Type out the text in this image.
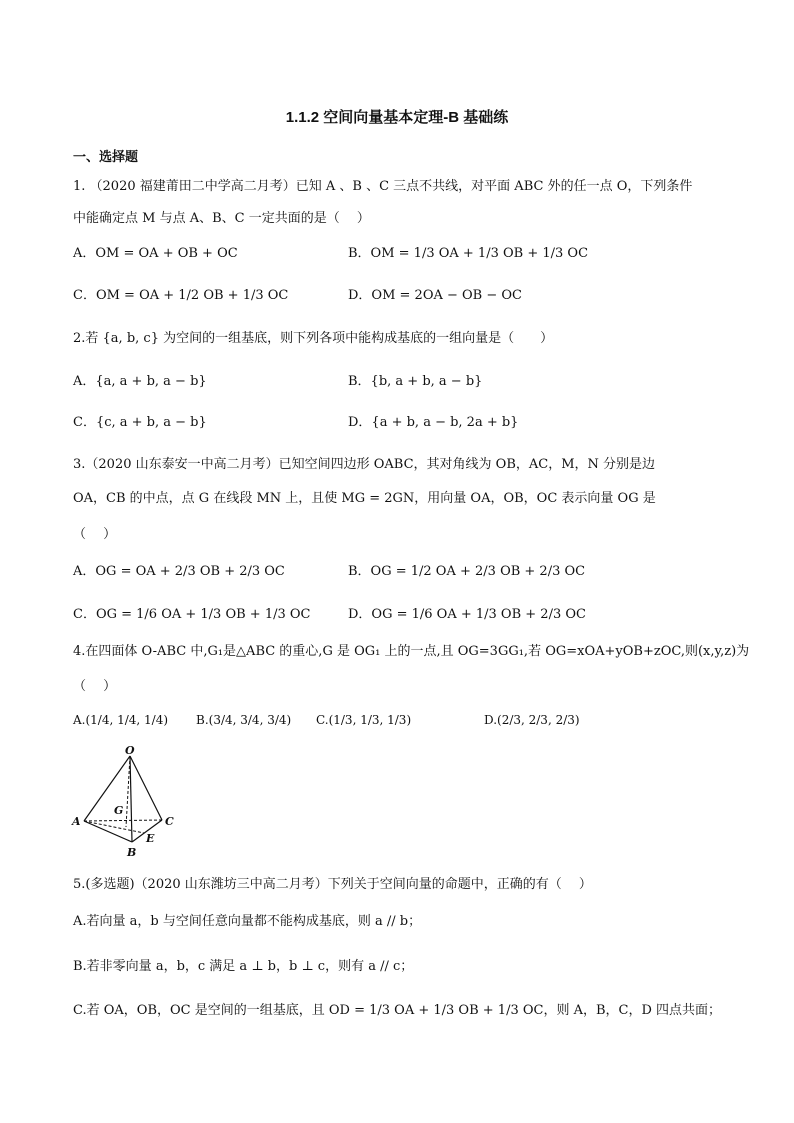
1.1.2 空间向量基本定理-B 基础练
一、选择题
1. （2020 福建莆田二中学高二月考）已知 A 、B 、C 三点不共线，对平面 ABC 外的任一点 O，下列条件
中能确定点 M 与点 A、B、C 一定共面的是（　 ）
A．OM = OA + OB + OC	B．OM = 1/3 OA + 1/3 OB + 1/3 OC
C．OM = OA + 1/2 OB + 1/3 OC	D．OM = 2OA − OB − OC
2.若 {a, b, c} 为空间的一组基底，则下列各项中能构成基底的一组向量是（　　）
A．{a, a + b, a − b}	B．{b, a + b, a − b}
C．{c, a + b, a − b}	D．{a + b, a − b, 2a + b}
3.（2020 山东泰安一中高二月考）已知空间四边形 OABC，其对角线为 OB，AC，M，N 分别是边
OA，CB 的中点，点 G 在线段 MN 上，且使 MG = 2GN，用向量 OA，OB，OC 表示向量 OG 是
（　 ）
A．OG = OA + 2/3 OB + 2/3 OC	B．OG = 1/2 OA + 2/3 OB + 2/3 OC
C．OG = 1/6 OA + 1/3 OB + 1/3 OC	D．OG = 1/6 OA + 1/3 OB + 2/3 OC
4.在四面体 O-ABC 中,G₁是△ABC 的重心,G 是 OG₁ 上的一点,且 OG=3GG₁,若 OG=xOA+yOB+zOC,则(x,y,z)为
（　 ）
A.(1/4, 1/4, 1/4) B.(3/4, 3/4, 3/4) C.(1/3, 1/3, 1/3)	D.(2/3, 2/3, 2/3)
O
G
A	C
E
B
5.(多选题)（2020 山东潍坊三中高二月考）下列关于空间向量的命题中，正确的有（　 ）
A.若向量 a，b 与空间任意向量都不能构成基底，则 a // b；
B.若非零向量 a，b，c 满足 a ⊥ b，b ⊥ c，则有 a // c；
C.若 OA，OB，OC 是空间的一组基底，且 OD = 1/3 OA + 1/3 OB + 1/3 OC，则 A，B，C，D 四点共面；
